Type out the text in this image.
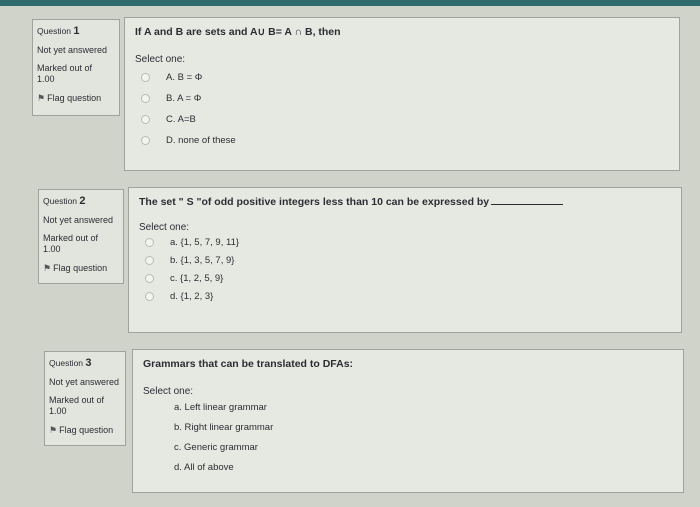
Question 1
Not yet answered
Marked out of
1.00
⚑ Flag question
If A and B are sets and A∪ B= A ∩ B, then
Select one:
A. B = Φ
B. A = Φ
C. A=B
D. none of these
Question 2
Not yet answered
Marked out of
1.00
⚑ Flag question
The set " S "of odd positive integers less than 10 can be expressed by
Select one:
a. {1, 5, 7, 9, 11}
b. {1, 3, 5, 7, 9}
c. {1, 2, 5, 9}
d. {1, 2, 3}
Question 3
Not yet answered
Marked out of
1.00
⚑ Flag question
Grammars that can be translated to DFAs:
Select one:
a. Left linear grammar
b. Right linear grammar
c. Generic grammar
d. All of above
